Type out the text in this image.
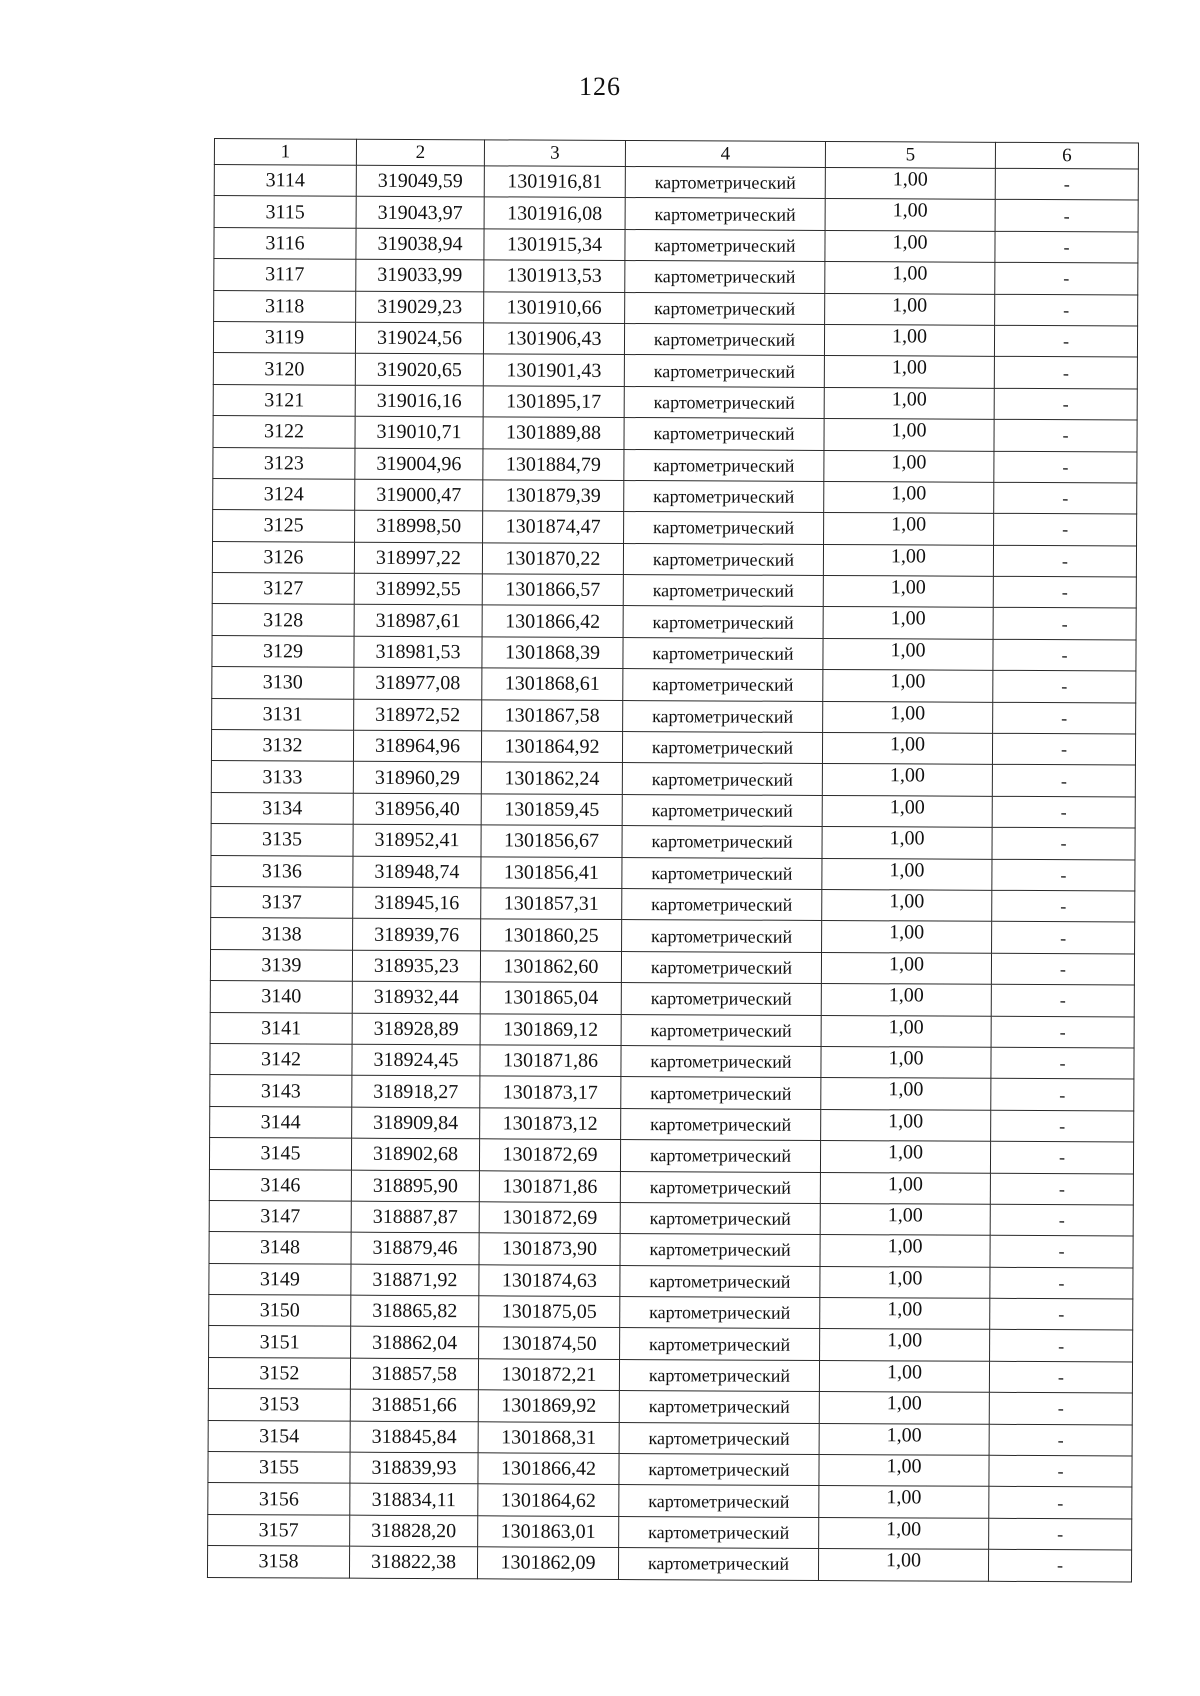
126
1	2	3	4	5	6
3114	319049,59	1301916,81	картометрический	1,00	-
3115	319043,97	1301916,08	картометрический	1,00	-
3116	319038,94	1301915,34	картометрический	1,00	-
3117	319033,99	1301913,53	картометрический	1,00	-
3118	319029,23	1301910,66	картометрический	1,00	-
3119	319024,56	1301906,43	картометрический	1,00	-
3120	319020,65	1301901,43	картометрический	1,00	-
3121	319016,16	1301895,17	картометрический	1,00	-
3122	319010,71	1301889,88	картометрический	1,00	-
3123	319004,96	1301884,79	картометрический	1,00	-
3124	319000,47	1301879,39	картометрический	1,00	-
3125	318998,50	1301874,47	картометрический	1,00	-
3126	318997,22	1301870,22	картометрический	1,00	-
3127	318992,55	1301866,57	картометрический	1,00	-
3128	318987,61	1301866,42	картометрический	1,00	-
3129	318981,53	1301868,39	картометрический	1,00	-
3130	318977,08	1301868,61	картометрический	1,00	-
3131	318972,52	1301867,58	картометрический	1,00	-
3132	318964,96	1301864,92	картометрический	1,00	-
3133	318960,29	1301862,24	картометрический	1,00	-
3134	318956,40	1301859,45	картометрический	1,00	-
3135	318952,41	1301856,67	картометрический	1,00	-
3136	318948,74	1301856,41	картометрический	1,00	-
3137	318945,16	1301857,31	картометрический	1,00	-
3138	318939,76	1301860,25	картометрический	1,00	-
3139	318935,23	1301862,60	картометрический	1,00	-
3140	318932,44	1301865,04	картометрический	1,00	-
3141	318928,89	1301869,12	картометрический	1,00	-
3142	318924,45	1301871,86	картометрический	1,00	-
3143	318918,27	1301873,17	картометрический	1,00	-
3144	318909,84	1301873,12	картометрический	1,00	-
3145	318902,68	1301872,69	картометрический	1,00	-
3146	318895,90	1301871,86	картометрический	1,00	-
3147	318887,87	1301872,69	картометрический	1,00	-
3148	318879,46	1301873,90	картометрический	1,00	-
3149	318871,92	1301874,63	картометрический	1,00	-
3150	318865,82	1301875,05	картометрический	1,00	-
3151	318862,04	1301874,50	картометрический	1,00	-
3152	318857,58	1301872,21	картометрический	1,00	-
3153	318851,66	1301869,92	картометрический	1,00	-
3154	318845,84	1301868,31	картометрический	1,00	-
3155	318839,93	1301866,42	картометрический	1,00	-
3156	318834,11	1301864,62	картометрический	1,00	-
3157	318828,20	1301863,01	картометрический	1,00	-
3158	318822,38	1301862,09	картометрический	1,00	-
